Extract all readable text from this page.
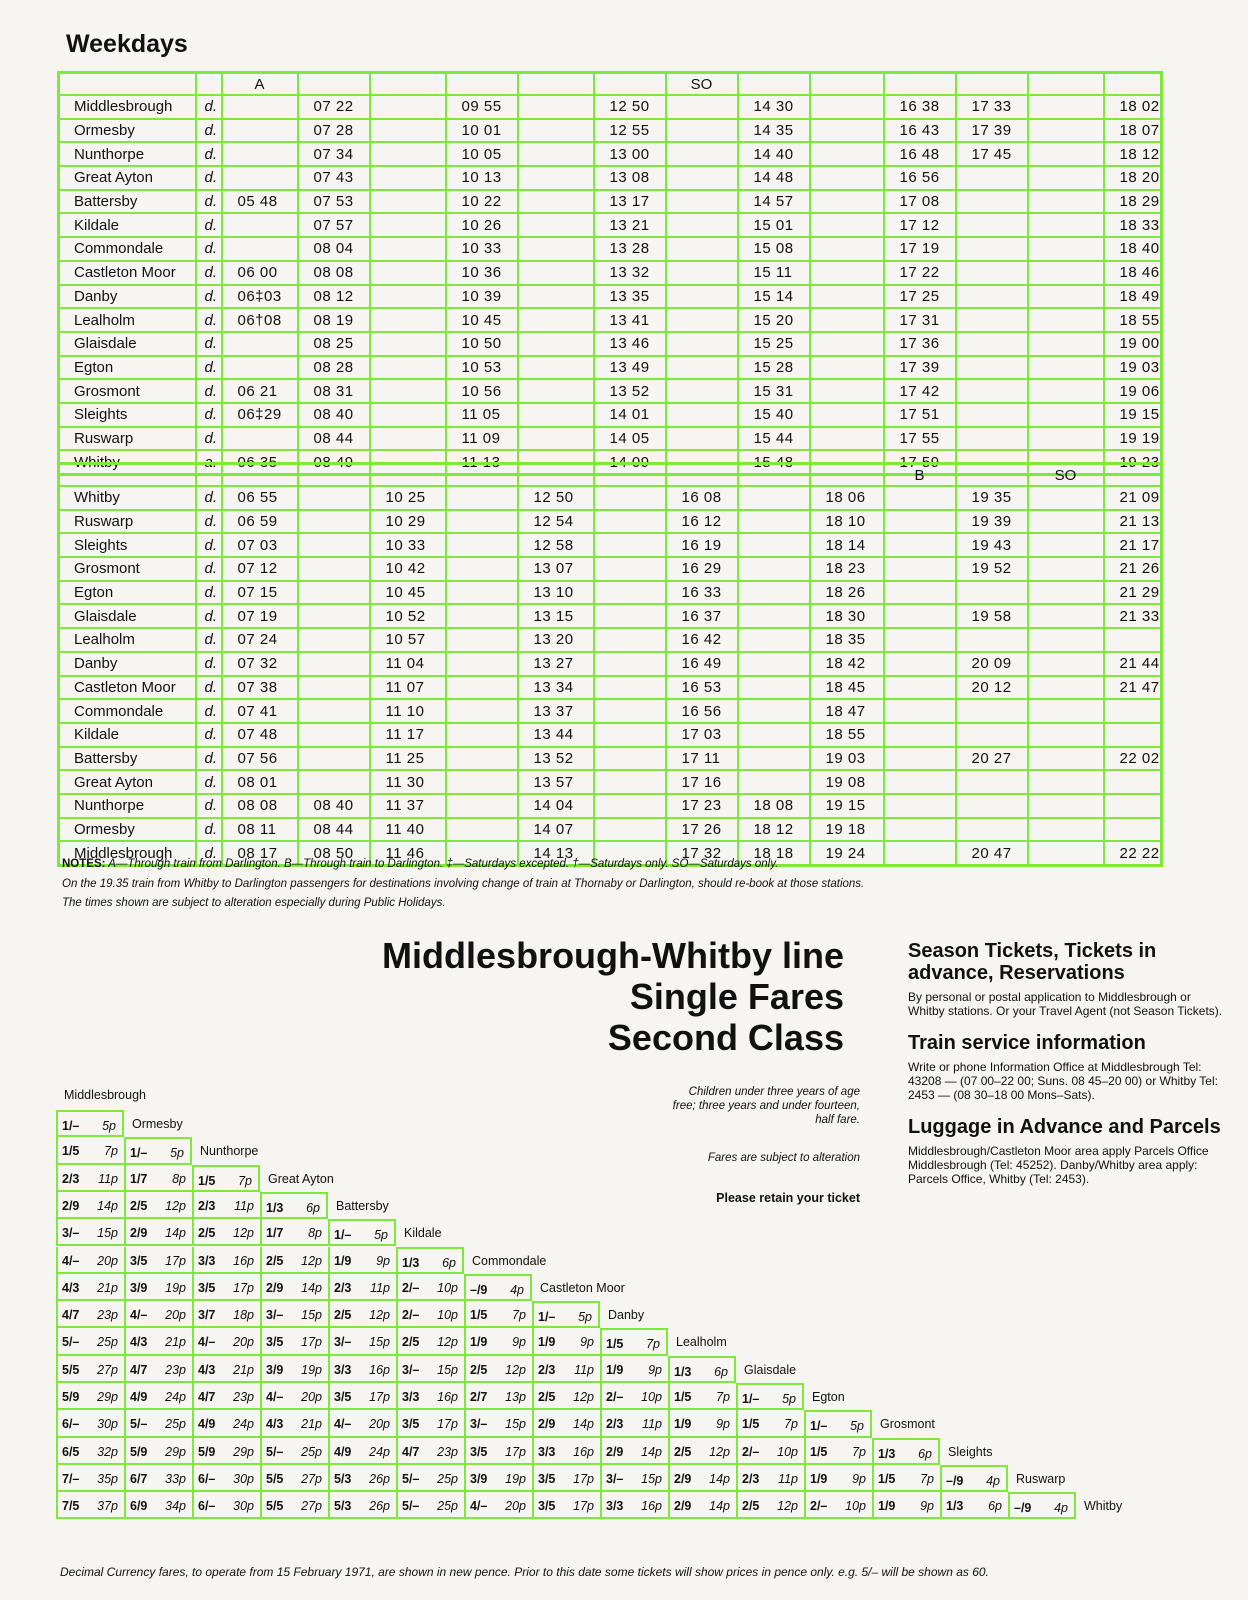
Weekdays
		A						SO						
Middlesbrough	d.		07 22		09 55		12 50		14 30		16 38	17 33		18 02
Ormesby	d.		07 28		10 01		12 55		14 35		16 43	17 39		18 07
Nunthorpe	d.		07 34		10 05		13 00		14 40		16 48	17 45		18 12
Great Ayton	d.		07 43		10 13		13 08		14 48		16 56			18 20
Battersby	d.	05 48	07 53		10 22		13 17		14 57		17 08			18 29
Kildale	d.		07 57		10 26		13 21		15 01		17 12			18 33
Commondale	d.		08 04		10 33		13 28		15 08		17 19			18 40
Castleton Moor	d.	06 00	08 08		10 36		13 32		15 11		17 22			18 46
Danby	d.	06‡03	08 12		10 39		13 35		15 14		17 25			18 49
Lealholm	d.	06†08	08 19		10 45		13 41		15 20		17 31			18 55
Glaisdale	d.		08 25		10 50		13 46		15 25		17 36			19 00
Egton	d.		08 28		10 53		13 49		15 28		17 39			19 03
Grosmont	d.	06 21	08 31		10 56		13 52		15 31		17 42			19 06
Sleights	d.	06‡29	08 40		11 05		14 01		15 40		17 51			19 15
Ruswarp	d.		08 44		11 09		14 05		15 44		17 55			19 19
Whitby	a.	06 35	08 49		11 13		14 09		15 48		17 59			19 23
											B		SO	
Whitby	d.	06 55		10 25		12 50		16 08		18 06		19 35		21 09
Ruswarp	d.	06 59		10 29		12 54		16 12		18 10		19 39		21 13
Sleights	d.	07 03		10 33		12 58		16 19		18 14		19 43		21 17
Grosmont	d.	07 12		10 42		13 07		16 29		18 23		19 52		21 26
Egton	d.	07 15		10 45		13 10		16 33		18 26				21 29
Glaisdale	d.	07 19		10 52		13 15		16 37		18 30		19 58		21 33
Lealholm	d.	07 24		10 57		13 20		16 42		18 35				
Danby	d.	07 32		11 04		13 27		16 49		18 42		20 09		21 44
Castleton Moor	d.	07 38		11 07		13 34		16 53		18 45		20 12		21 47
Commondale	d.	07 41		11 10		13 37		16 56		18 47				
Kildale	d.	07 48		11 17		13 44		17 03		18 55				
Battersby	d.	07 56		11 25		13 52		17 11		19 03		20 27		22 02
Great Ayton	d.	08 01		11 30		13 57		17 16		19 08				
Nunthorpe	d.	08 08	08 40	11 37		14 04		17 23	18 08	19 15				
Ormesby	d.	08 11	08 44	11 40		14 07		17 26	18 12	19 18				
Middlesbrough	d.	08 17	08 50	11 46		14 13		17 32	18 18	19 24		20 47		22 22
NOTES: A—Through train from Darlington. B—Through train to Darlington. ‡—Saturdays excepted. †—Saturdays only. SO—Saturdays only.
On the 19.35 train from Whitby to Darlington passengers for destinations involving change of train at Thornaby or Darlington, should re-book at those stations.
The times shown are subject to alteration especially during Public Holidays.
Middlesbrough-Whitby line
Single Fares
Second Class
Children under three years of age free; three years and under fourteen, half fare.
Fares are subject to alteration
Please retain your ticket
Season Tickets, Tickets in advance, Reservations

By personal or postal application to Middlesbrough or Whitby stations. Or your Travel Agent (not Season Tickets).

Train service information

Write or phone Information Office at Middlesbrough Tel: 43208 — (07 00–22 00; Suns. 08 45–20 00) or Whitby Tel: 2453 — (08 30–18 00 Mons–Sats).

Luggage in Advance and Parcels

Middlesbrough/Castleton Moor area apply Parcels Office Middlesbrough (Tel: 45252). Danby/Whitby area apply: Parcels Office, Whitby (Tel: 2453).

Middlesbrough
1/– 5p Ormesby
1/5 7p 1/– 5p Nunthorpe
2/3 11p 1/7 8p 1/5 7p Great Ayton
2/9 14p 2/5 12p 2/3 11p 1/3 6p Battersby
3/– 15p 2/9 14p 2/5 12p 1/7 8p 1/– 5p Kildale
4/– 20p 3/5 17p 3/3 16p 2/5 12p 1/9 9p 1/3 6p Commondale
4/3 21p 3/9 19p 3/5 17p 2/9 14p 2/3 11p 2/– 10p –/9 4p Castleton Moor
4/7 23p 4/– 20p 3/7 18p 3/– 15p 2/5 12p 2/– 10p 1/5 7p 1/– 5p Danby
5/– 25p 4/3 21p 4/– 20p 3/5 17p 3/– 15p 2/5 12p 1/9 9p 1/9 9p 1/5 7p Lealholm
5/5 27p 4/7 23p 4/3 21p 3/9 19p 3/3 16p 3/– 15p 2/5 12p 2/3 11p 1/9 9p 1/3 6p Glaisdale
5/9 29p 4/9 24p 4/7 23p 4/– 20p 3/5 17p 3/3 16p 2/7 13p 2/5 12p 2/– 10p 1/5 7p 1/– 5p Egton
6/– 30p 5/– 25p 4/9 24p 4/3 21p 4/– 20p 3/5 17p 3/– 15p 2/9 14p 2/3 11p 1/9 9p 1/5 7p 1/– 5p Grosmont
6/5 32p 5/9 29p 5/9 29p 5/– 25p 4/9 24p 4/7 23p 3/5 17p 3/3 16p 2/9 14p 2/5 12p 2/– 10p 1/5 7p 1/3 6p Sleights
7/– 35p 6/7 33p 6/– 30p 5/5 27p 5/3 26p 5/– 25p 3/9 19p 3/5 17p 3/– 15p 2/9 14p 2/3 11p 1/9 9p 1/5 7p –/9 4p Ruswarp
7/5 37p 6/9 34p 6/– 30p 5/5 27p 5/3 26p 5/– 25p 4/– 20p 3/5 17p 3/3 16p 2/9 14p 2/5 12p 2/– 10p 1/9 9p 1/3 6p –/9 4p Whitby
Decimal Currency fares, to operate from 15 February 1971, are shown in new pence. Prior to this date some tickets will show prices in pence only. e.g. 5/– will be shown as 60.
